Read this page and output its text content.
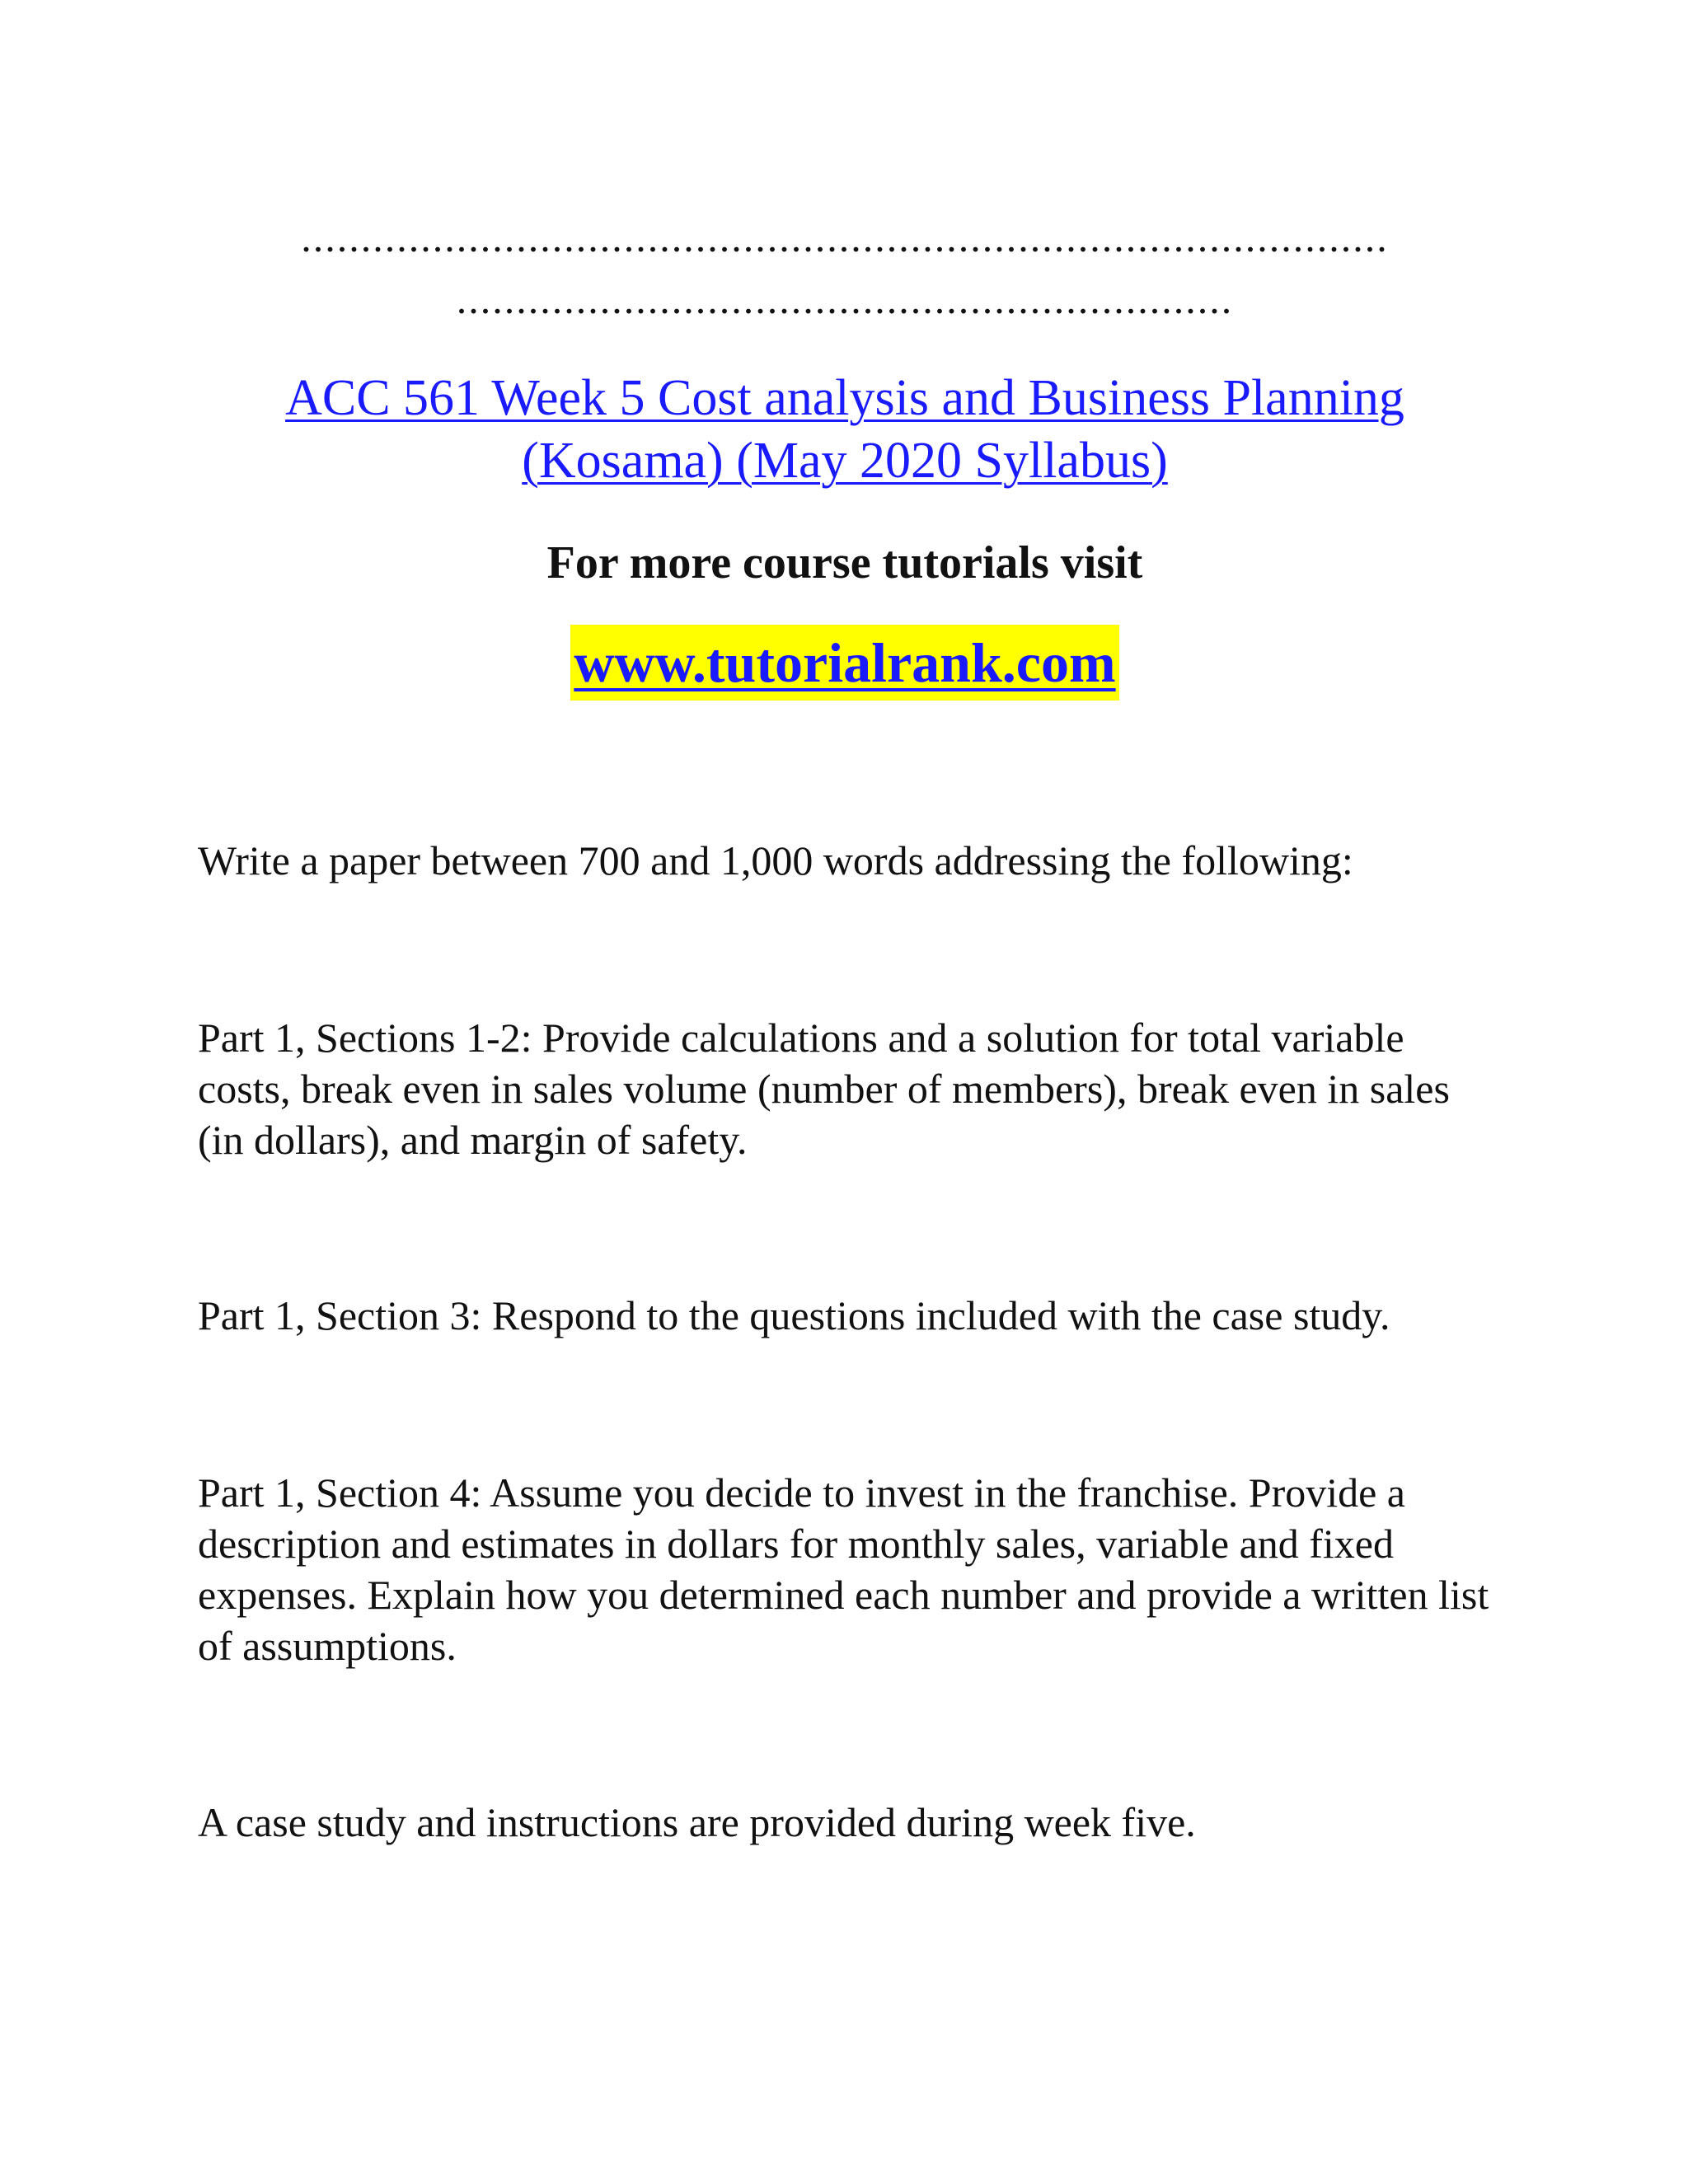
...........................................................................................
.................................................................
ACC 561 Week 5 Cost analysis and Business Planning
(Kosama) (May 2020 Syllabus)
For more course tutorials visit
www.tutorialrank.com

Write a paper between 700 and 1,000 words addressing the following:

Part 1, Sections 1-2: Provide calculations and a solution for total variable costs, break even in sales volume (number of members), break even in sales (in dollars), and margin of safety.

Part 1, Section 3: Respond to the questions included with the case study.

Part 1, Section 4: Assume you decide to invest in the franchise. Provide a description and estimates in dollars for monthly sales, variable and fixed expenses. Explain how you determined each number and provide a written list of assumptions.

A case study and instructions are provided during week five.
